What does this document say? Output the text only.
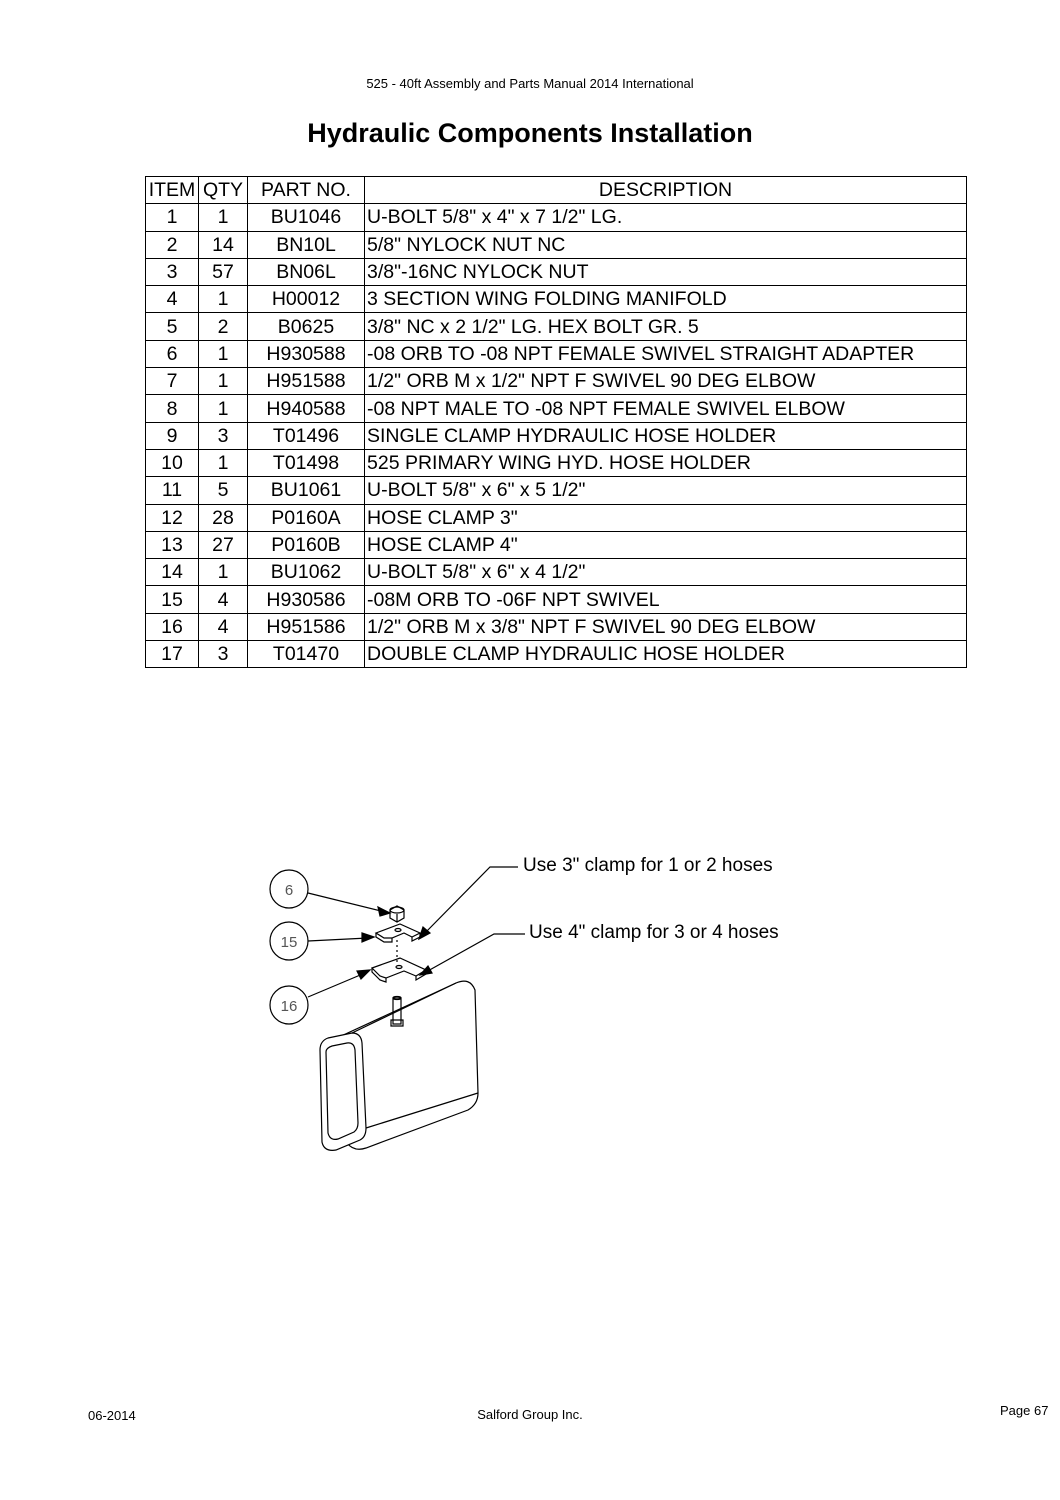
525 - 40ft Assembly and Parts Manual 2014 International
Hydraulic Components Installation
ITEM	QTY	PART NO.	DESCRIPTION
1	1	BU1046	U-BOLT 5/8" x 4" x 7 1/2" LG.
2	14	BN10L	5/8" NYLOCK NUT NC
3	57	BN06L	3/8"-16NC NYLOCK NUT
4	1	H00012	3 SECTION WING FOLDING MANIFOLD
5	2	B0625	3/8" NC x 2 1/2" LG. HEX BOLT GR. 5
6	1	H930588	-08 ORB TO -08 NPT FEMALE SWIVEL STRAIGHT ADAPTER
7	1	H951588	1/2" ORB M x 1/2" NPT F SWIVEL 90 DEG ELBOW
8	1	H940588	-08 NPT MALE TO -08 NPT FEMALE SWIVEL ELBOW
9	3	T01496	SINGLE CLAMP HYDRAULIC HOSE HOLDER
10	1	T01498	525 PRIMARY WING HYD. HOSE HOLDER
11	5	BU1061	U-BOLT 5/8" x 6" x 5 1/2"
12	28	P0160A	HOSE CLAMP 3"
13	27	P0160B	HOSE CLAMP 4"
14	1	BU1062	U-BOLT 5/8" x 6" x 4 1/2"
15	4	H930586	-08M ORB TO -06F NPT SWIVEL
16	4	H951586	1/2" ORB M x 3/8" NPT F SWIVEL 90 DEG ELBOW
17	3	T01470	DOUBLE CLAMP HYDRAULIC HOSE HOLDER
6
15
16
Use 3" clamp for 1 or 2 hoses
Use 4" clamp for 3 or 4 hoses
06-2014	Salford Group Inc.	Page 67
